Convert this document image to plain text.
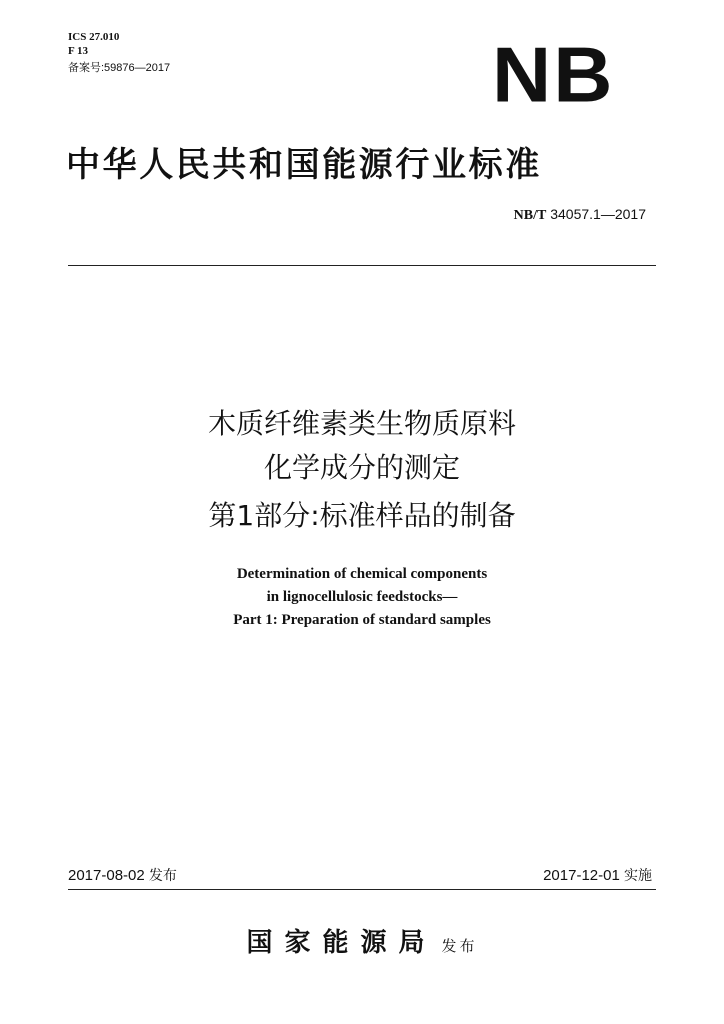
ICS 27.010
F 13
备案号:59876—2017	NB
中华人民共和国能源行业标准
NB/T 34057.1—2017
木质纤维素类生物质原料
化学成分的测定
第1部分:标准样品的制备
Determination of chemical components
in lignocellulosic feedstocks—
Part 1: Preparation of standard samples
2017-08-02 发布	2017-12-01 实施
国家能源局 发布
